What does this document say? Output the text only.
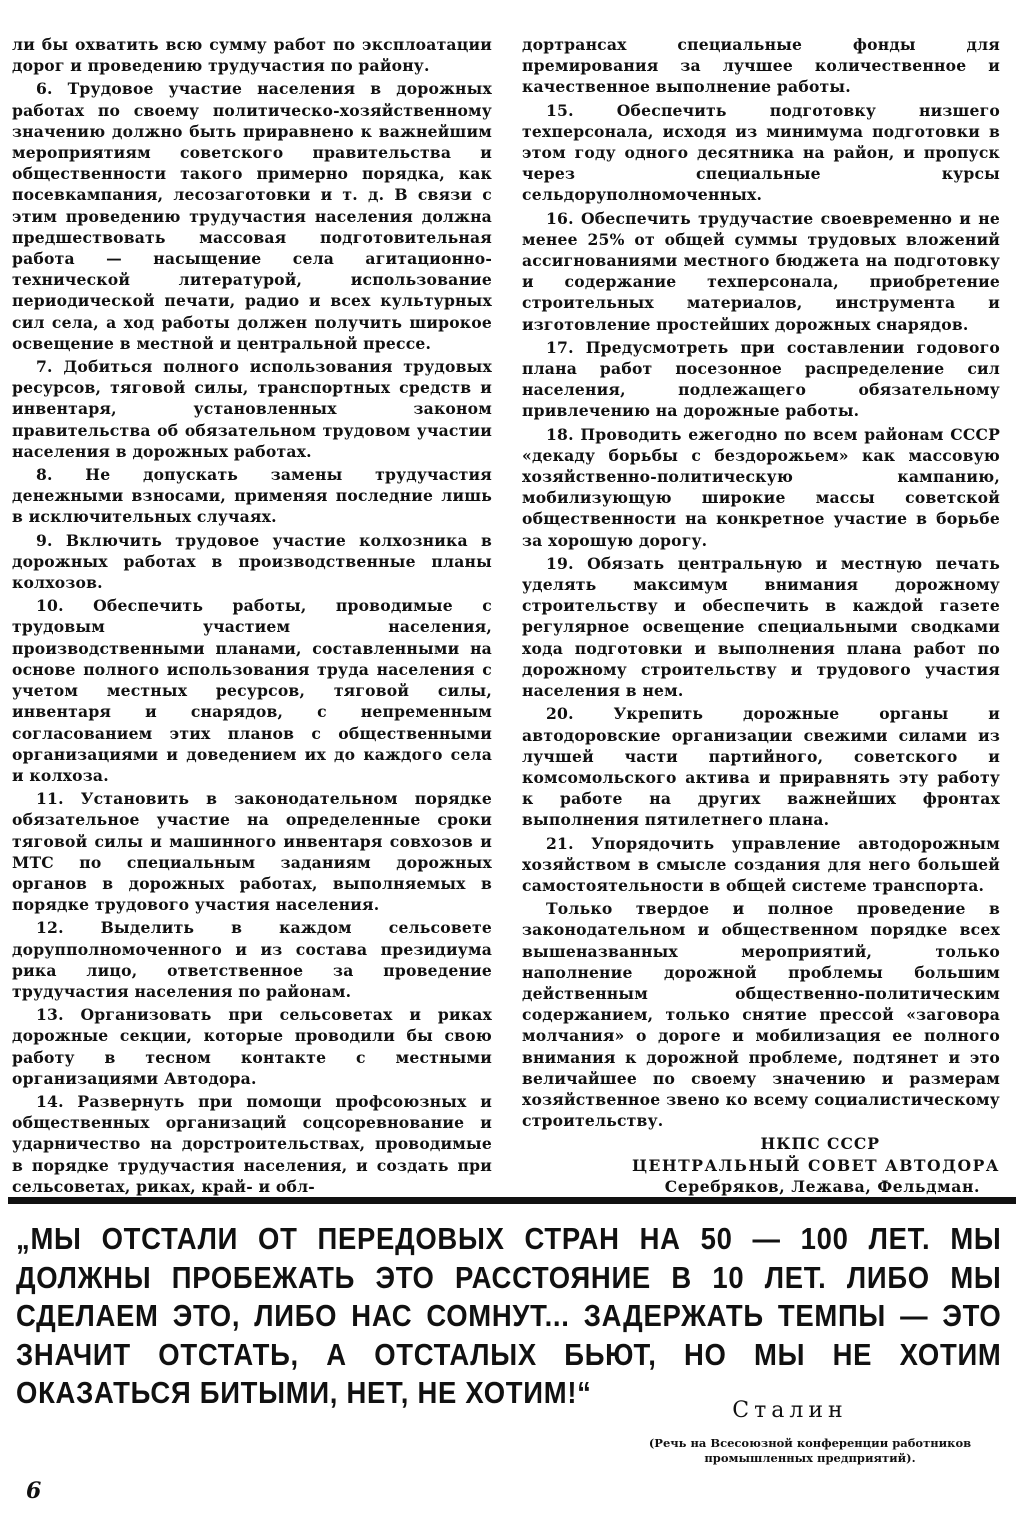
ли бы охватить всю сумму работ по эксплоатации дорог и проведению трудучастия по району.

6. Трудовое участие населения в дорожных работах по своему политическо-хозяйственному значению должно быть приравнено к важнейшим мероприятиям советского правительства и общественности такого примерно порядка, как посевкампания, лесозаготовки и т. д. В связи с этим проведению трудучастия населения должна предшествовать массовая подготовительная работа — насыщение села агитационно-технической литературой, использование периодической печати, радио и всех культурных сил села, а ход работы должен получить широкое освещение в местной и центральной прессе.

7. Добиться полного использования трудовых ресурсов, тяговой силы, транспортных средств и инвентаря, установленных законом правительства об обязательном трудовом участии населения в дорожных работах.

8. Не допускать замены трудучастия денежными взносами, применяя последние лишь в исключительных случаях.

9. Включить трудовое участие колхозника в дорожных работах в производственные планы колхозов.

10. Обеспечить работы, проводимые с трудовым участием населения, производственными планами, составленными на основе полного использования труда населения с учетом местных ресурсов, тяговой силы, инвентаря и снарядов, с непременным согласованием этих планов с общественными организациями и доведением их до каждого села и колхоза.

11. Установить в законодательном порядке обязательное участие на определенные сроки тяговой силы и машинного инвентаря совхозов и МТС по специальным заданиям дорожных органов в дорожных работах, выполняемых в порядке трудового участия населения.

12. Выделить в каждом сельсовете дорупполномоченного и из состава президиума рика лицо, ответственное за проведение трудучастия населения по районам.

13. Организовать при сельсоветах и риках дорожные секции, которые проводили бы свою работу в тесном контакте с местными организациями Автодора.

14. Развернуть при помощи профсоюзных и общественных организаций соцсоревнование и ударничество на дорстроительствах, проводимые в порядке трудучастия населения, и создать при сельсоветах, риках, край- и обл-

дортрансах специальные фонды для премирования за лучшее количественное и качественное выполнение работы.

15. Обеспечить подготовку низшего техперсонала, исходя из минимума подготовки в этом году одного десятника на район, и пропуск через специальные курсы сельдоруполномоченных.

16. Обеспечить трудучастие своевременно и не менее 25% от общей суммы трудовых вложений ассигнованиями местного бюджета на подготовку и содержание техперсонала, приобретение строительных материалов, инструмента и изготовление простейших дорожных снарядов.

17. Предусмотреть при составлении годового плана работ посезонное распределение сил населения, подлежащего обязательному привлечению на дорожные работы.

18. Проводить ежегодно по всем районам СССР «декаду борьбы с бездорожьем» как массовую хозяйственно-политическую кампанию, мобилизующую широкие массы советской общественности на конкретное участие в борьбе за хорошую дорогу.

19. Обязать центральную и местную печать уделять максимум внимания дорожному строительству и обеспечить в каждой газете регулярное освещение специальными сводками хода подготовки и выполнения плана работ по дорожному строительству и трудового участия населения в нем.

20. Укрепить дорожные органы и автодоровские организации свежими силами из лучшей части партийного, советского и комсомольского актива и приравнять эту работу к работе на других важнейших фронтах выполнения пятилетнего плана.

21. Упорядочить управление автодорожным хозяйством в смысле создания для него большей самостоятельности в общей системе транспорта.

Только твердое и полное проведение в законодательном и общественном порядке всех вышеназванных мероприятий, только наполнение дорожной проблемы большим действенным общественно-политическим содержанием, только снятие прессой «заговора молчания» о дороге и мобилизация ее полного внимания к дорожной проблеме, подтянет и это величайшее по своему значению и размерам хозяйственное звено ко всему социалистическому строительству.

НКПС СССР
ЦЕНТРАЛЬНЫЙ СОВЕТ АВТОДОРА
Серебряков, Лежава, Фельдман.
„МЫ ОТСТАЛИ ОТ ПЕРЕДОВЫХ СТРАН НА 50 — 100 ЛЕТ. МЫ ДОЛЖНЫ ПРОБЕЖАТЬ ЭТО РАССТОЯНИЕ В 10 ЛЕТ. ЛИБО МЫ СДЕЛАЕМ ЭТО, ЛИБО НАС СОМНУТ... ЗАДЕРЖАТЬ ТЕМПЫ — ЭТО ЗНАЧИТ ОТСТАТЬ, А ОТСТАЛЫХ БЬЮТ, НО МЫ НЕ ХОТИМ ОКАЗАТЬСЯ БИТЫМИ, НЕТ, НЕ ХОТИМ!“
Сталин
(Речь на Всесоюзной конференции работников промышленных предприятий).
6
